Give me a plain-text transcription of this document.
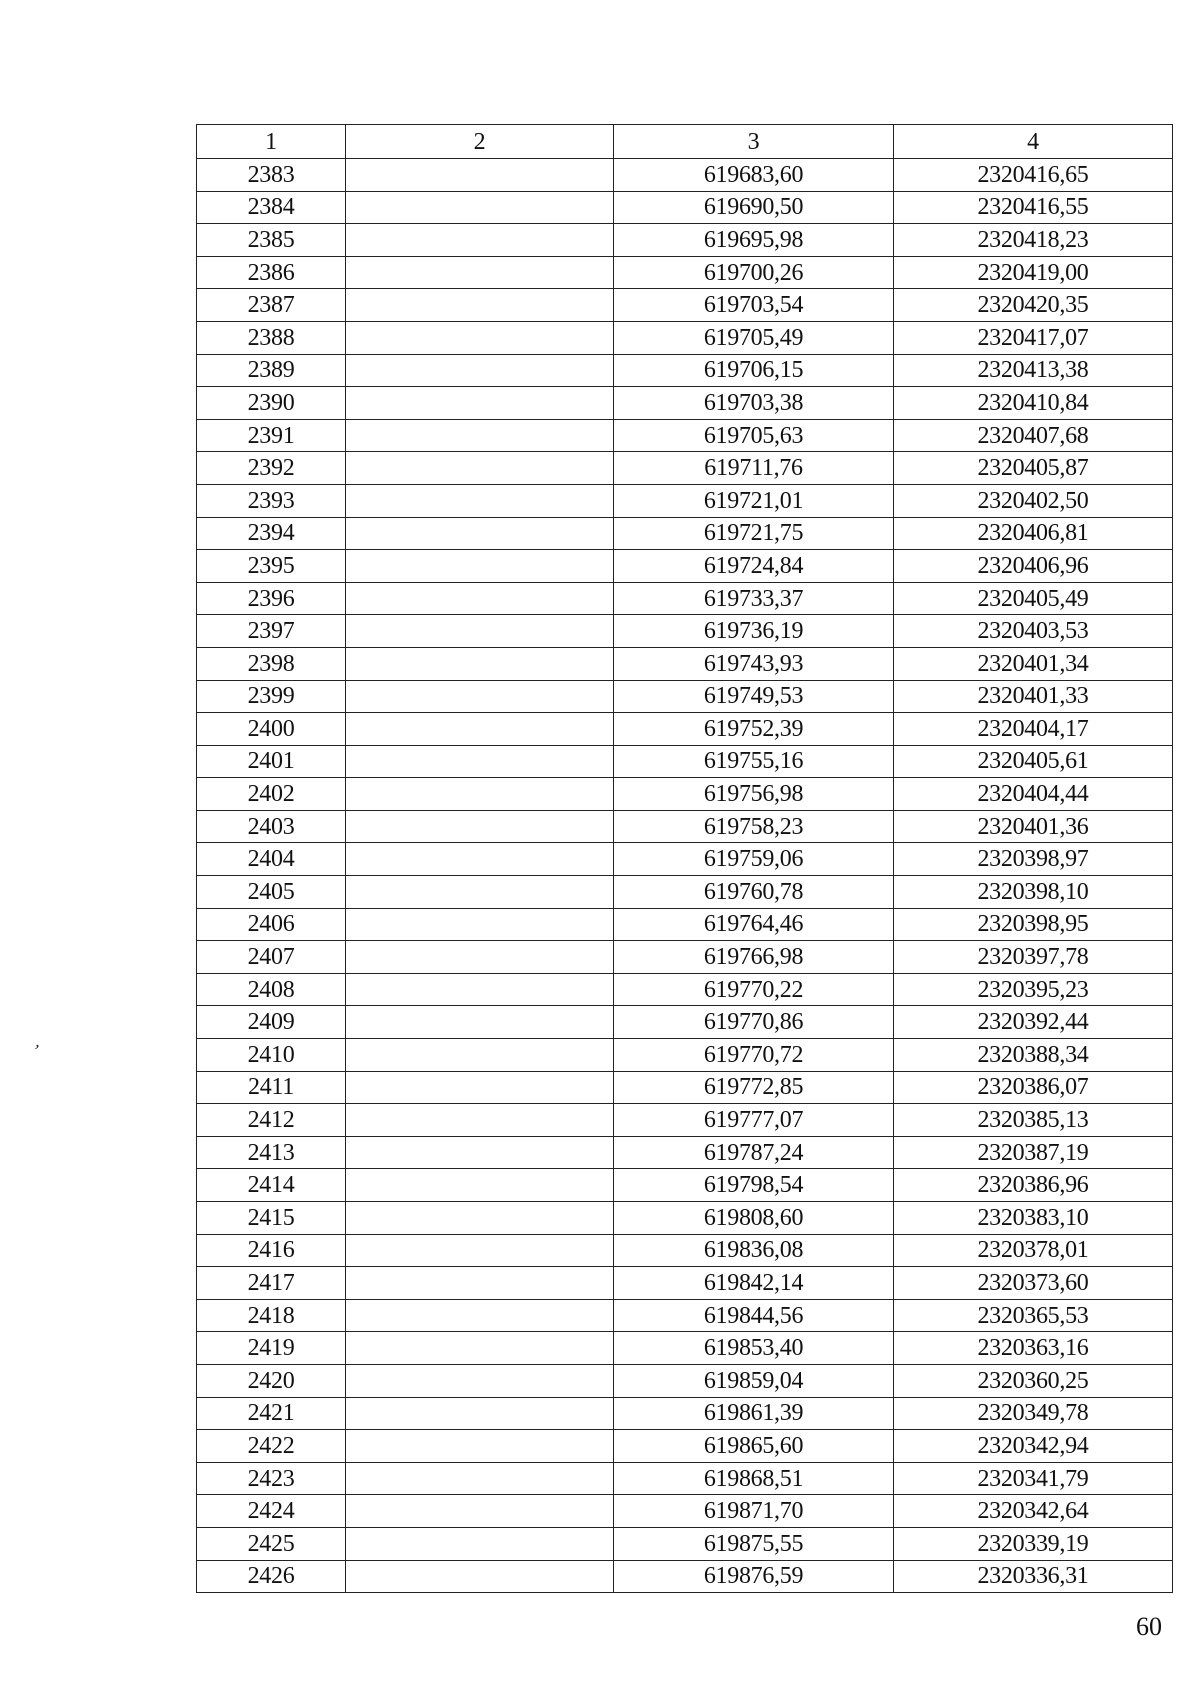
1	2	3	4
2383		619683,60	2320416,65
2384		619690,50	2320416,55
2385		619695,98	2320418,23
2386		619700,26	2320419,00
2387		619703,54	2320420,35
2388		619705,49	2320417,07
2389		619706,15	2320413,38
2390		619703,38	2320410,84
2391		619705,63	2320407,68
2392		619711,76	2320405,87
2393		619721,01	2320402,50
2394		619721,75	2320406,81
2395		619724,84	2320406,96
2396		619733,37	2320405,49
2397		619736,19	2320403,53
2398		619743,93	2320401,34
2399		619749,53	2320401,33
2400		619752,39	2320404,17
2401		619755,16	2320405,61
2402		619756,98	2320404,44
2403		619758,23	2320401,36
2404		619759,06	2320398,97
2405		619760,78	2320398,10
2406		619764,46	2320398,95
2407		619766,98	2320397,78
2408		619770,22	2320395,23
2409		619770,86	2320392,44
2410		619770,72	2320388,34
2411		619772,85	2320386,07
2412		619777,07	2320385,13
2413		619787,24	2320387,19
2414		619798,54	2320386,96
2415		619808,60	2320383,10
2416		619836,08	2320378,01
2417		619842,14	2320373,60
2418		619844,56	2320365,53
2419		619853,40	2320363,16
2420		619859,04	2320360,25
2421		619861,39	2320349,78
2422		619865,60	2320342,94
2423		619868,51	2320341,79
2424		619871,70	2320342,64
2425		619875,55	2320339,19
2426		619876,59	2320336,31
,
60
